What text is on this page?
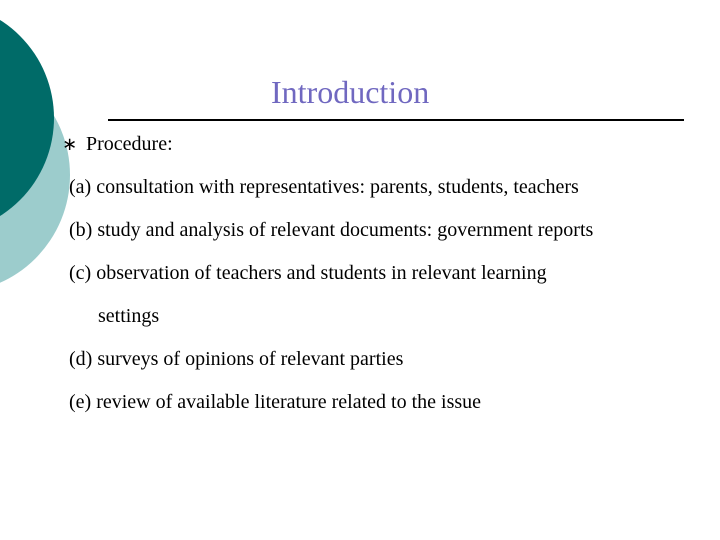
Introduction
∗ Procedure:
(a) consultation with representatives: parents, students, teachers
(b) study and analysis of relevant documents: government reports
(c) observation of teachers and students in relevant learning
settings
(d) surveys of opinions of relevant parties
(e) review of available literature related to the issue
